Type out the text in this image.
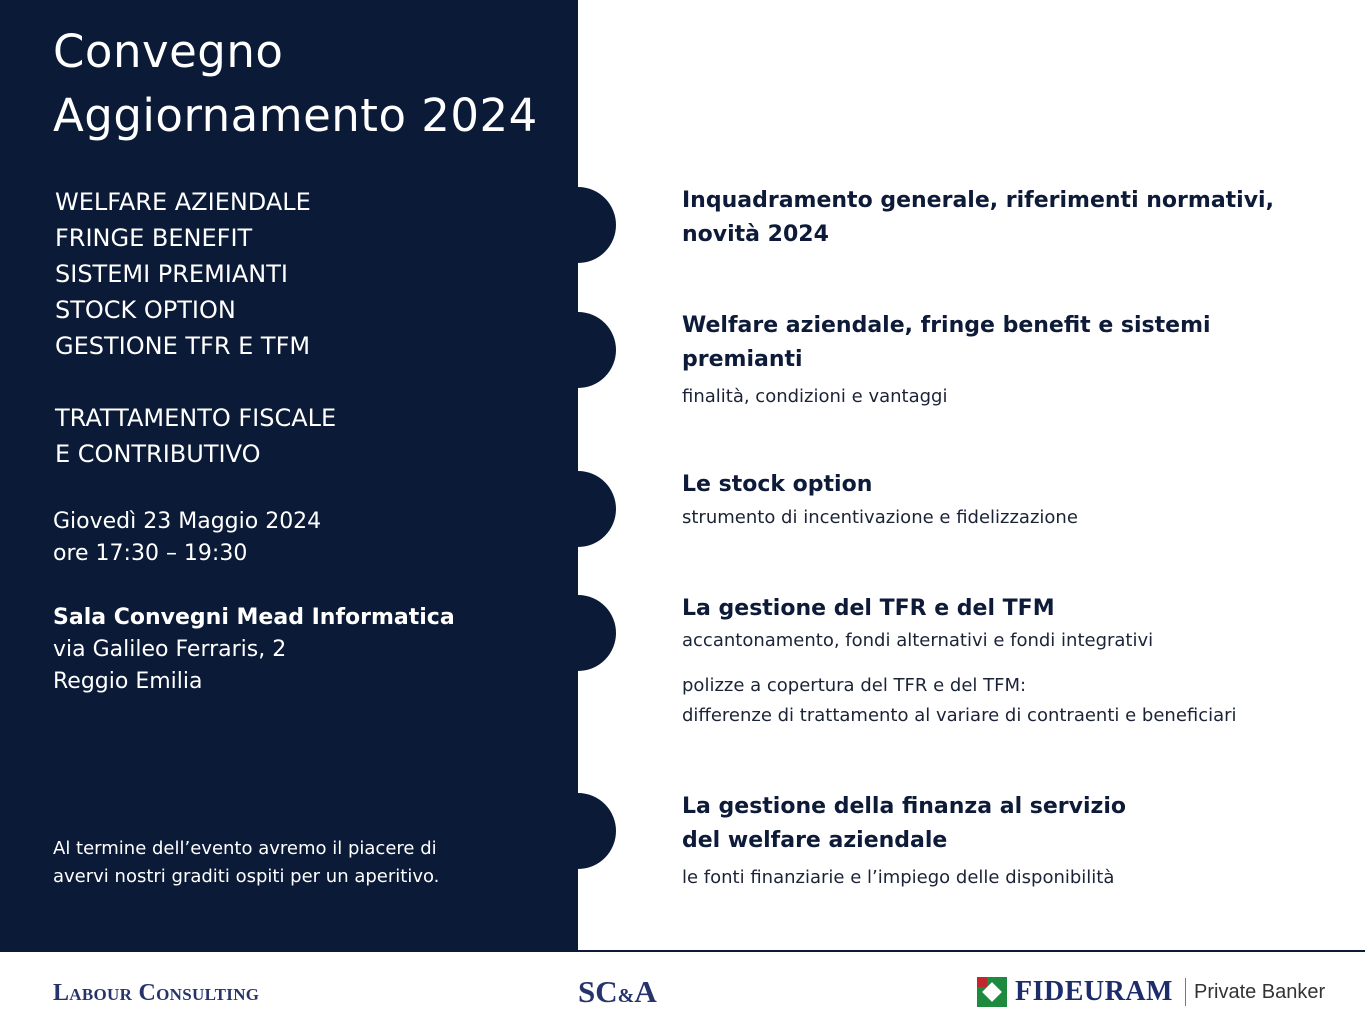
Convegno
Aggiornamento 2024
WELFARE AZIENDALE
FRINGE BENEFIT
SISTEMI PREMIANTI
STOCK OPTION
GESTIONE TFR E TFM
TRATTAMENTO FISCALE
E CONTRIBUTIVO
Giovedì 23 Maggio 2024
ore 17:30 – 19:30
Sala Convegni Mead Informatica
via Galileo Ferraris, 2
Reggio Emilia
Al termine dell’evento avremo il piacere di
avervi nostri graditi ospiti per un aperitivo.
Inquadramento generale, riferimenti normativi,
novità 2024
Welfare aziendale, fringe benefit e sistemi
premianti
finalità, condizioni e vantaggi
Le stock option
strumento di incentivazione e fidelizzazione
La gestione del TFR e del TFM
accantonamento, fondi alternativi e fondi integrativi
polizze a copertura del TFR e del TFM:
differenze di trattamento al variare di contraenti e beneficiari
La gestione della finanza al servizio
del welfare aziendale
le fonti finanziarie e l’impiego delle disponibilità
Labour Consulting	SC&A	FIDEURAM Private Banker
